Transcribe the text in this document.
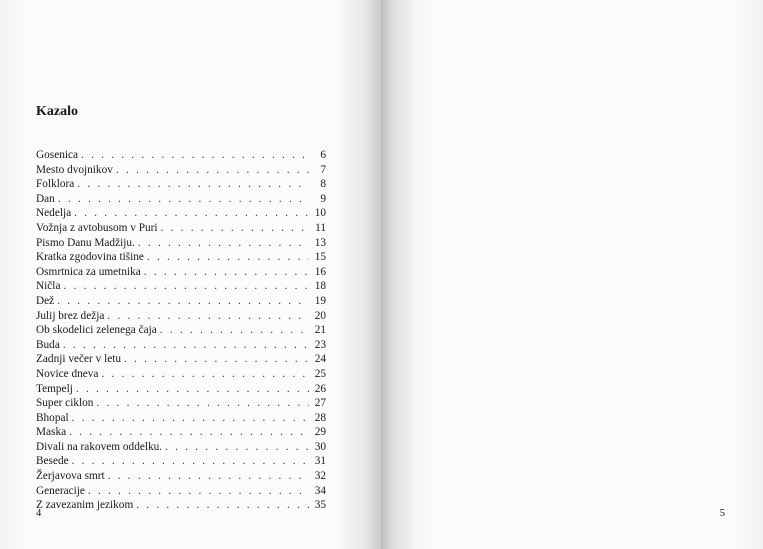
Kazalo
Gosenica . . .	6
Mesto dvojnikov . . .	7
Folklora . . .	8
Dan . . .	9
Nedelja . . .	10
Vožnja z avtobusom v Puri . . .	11
Pismo Danu Madžiju. . . .	13
Kratka zgodovina tišine . . .	15
Osmrtnica za umetnika . . .	16
Ničla . . .	18
Dež . . .	19
Julij brez dežja . . .	20
Ob skodelici zelenega čaja . . .	21
Buda . . .	23
Zadnji večer v letu . . .	24
Novice dneva . . .	25
Tempelj . . .	26
Super ciklon . . .	27
Bhopal . . .	28
Maska . . .	29
Divali na rakovem oddelku. . . .	30
Besede . . .	31
Žerjavova smrt . . .	32
Generacije . . .	34
Z zavezanim jezikom . . .	35
4	5
